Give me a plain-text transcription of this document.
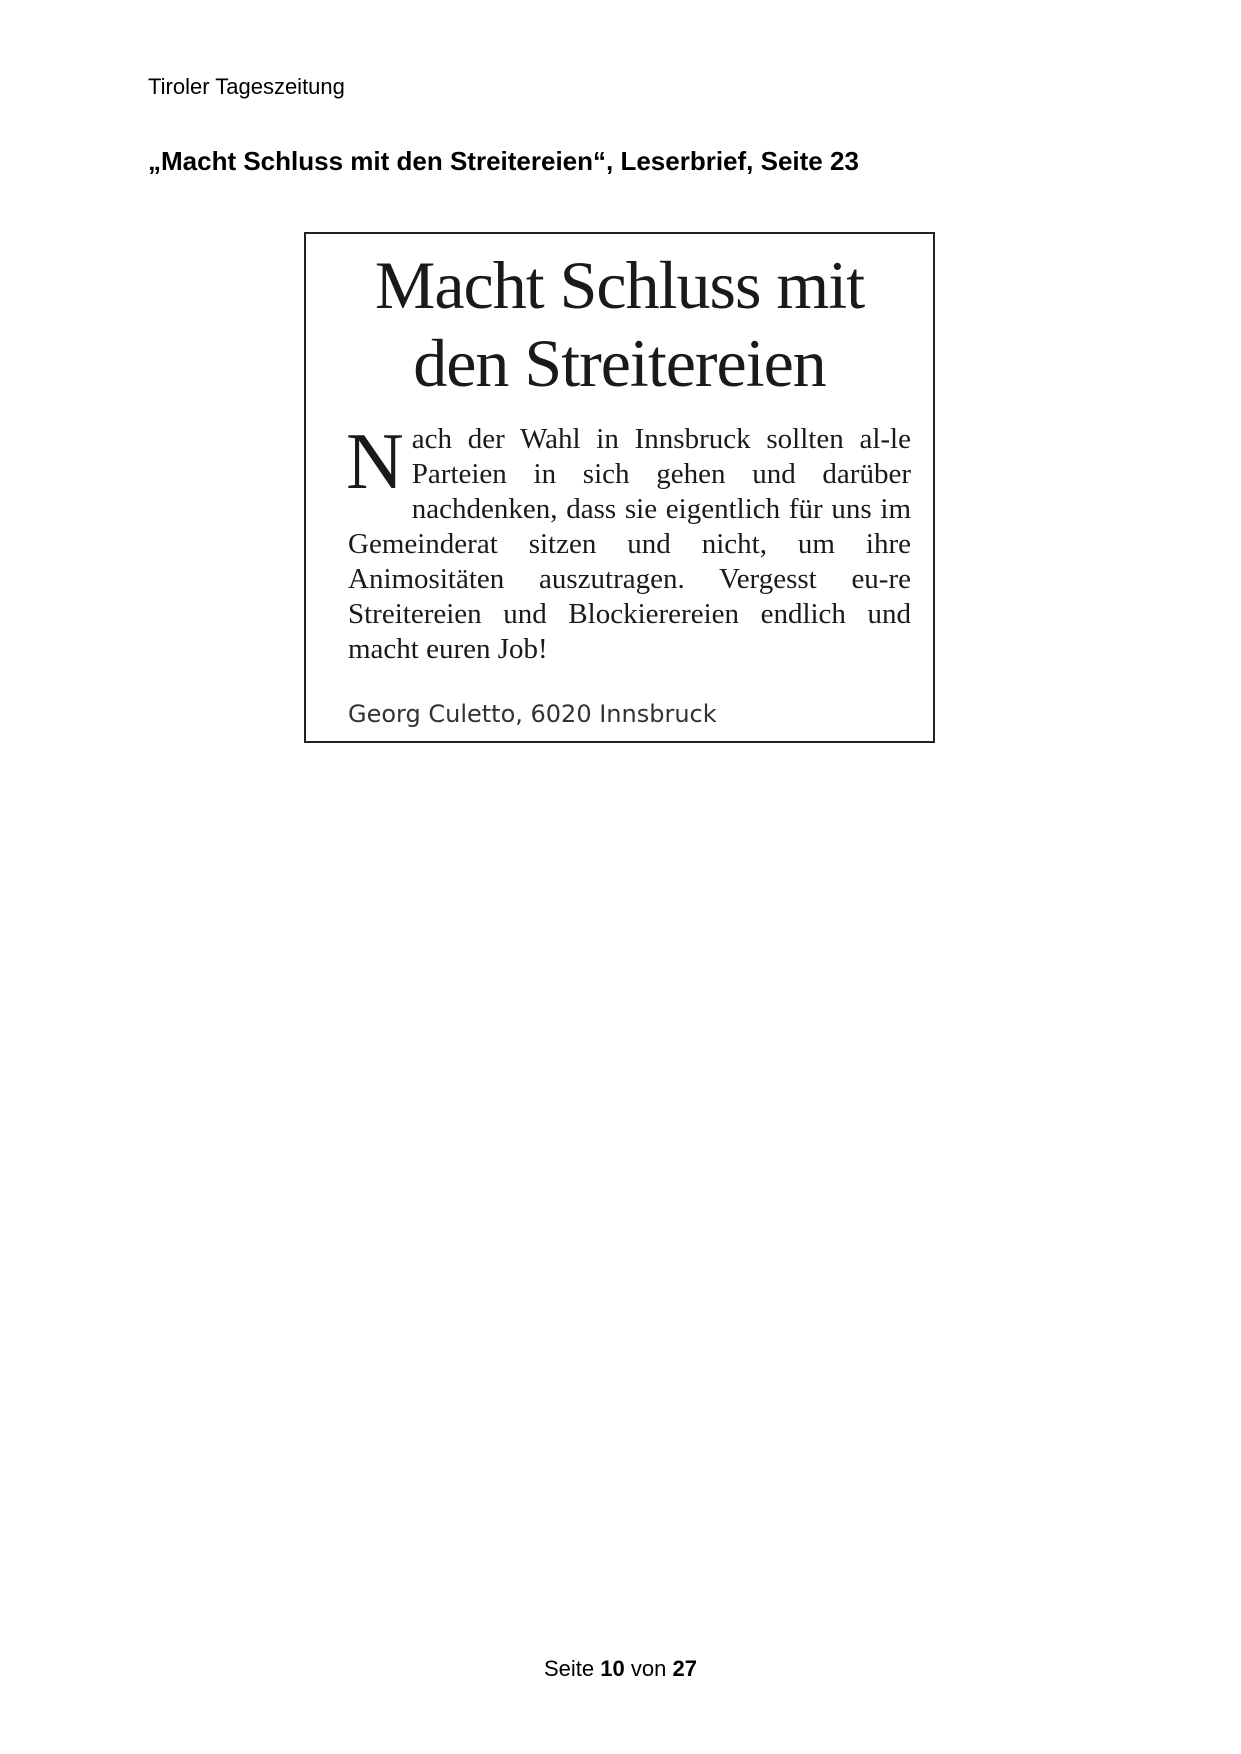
Tiroler Tageszeitung
„Macht Schluss mit den Streitereien“, Leserbrief, Seite 23
Macht Schluss mit
den Streitereien
Nach der Wahl in Innsbruck sollten al-le Parteien in sich gehen und darüber nachdenken, dass sie eigentlich für uns im Gemeinderat sitzen und nicht, um ihre Animositäten auszutragen. Vergesst eu-re Streitereien und Blockierereien endlich und macht euren Job!
Georg Culetto, 6020 Innsbruck
Seite 10 von 27
